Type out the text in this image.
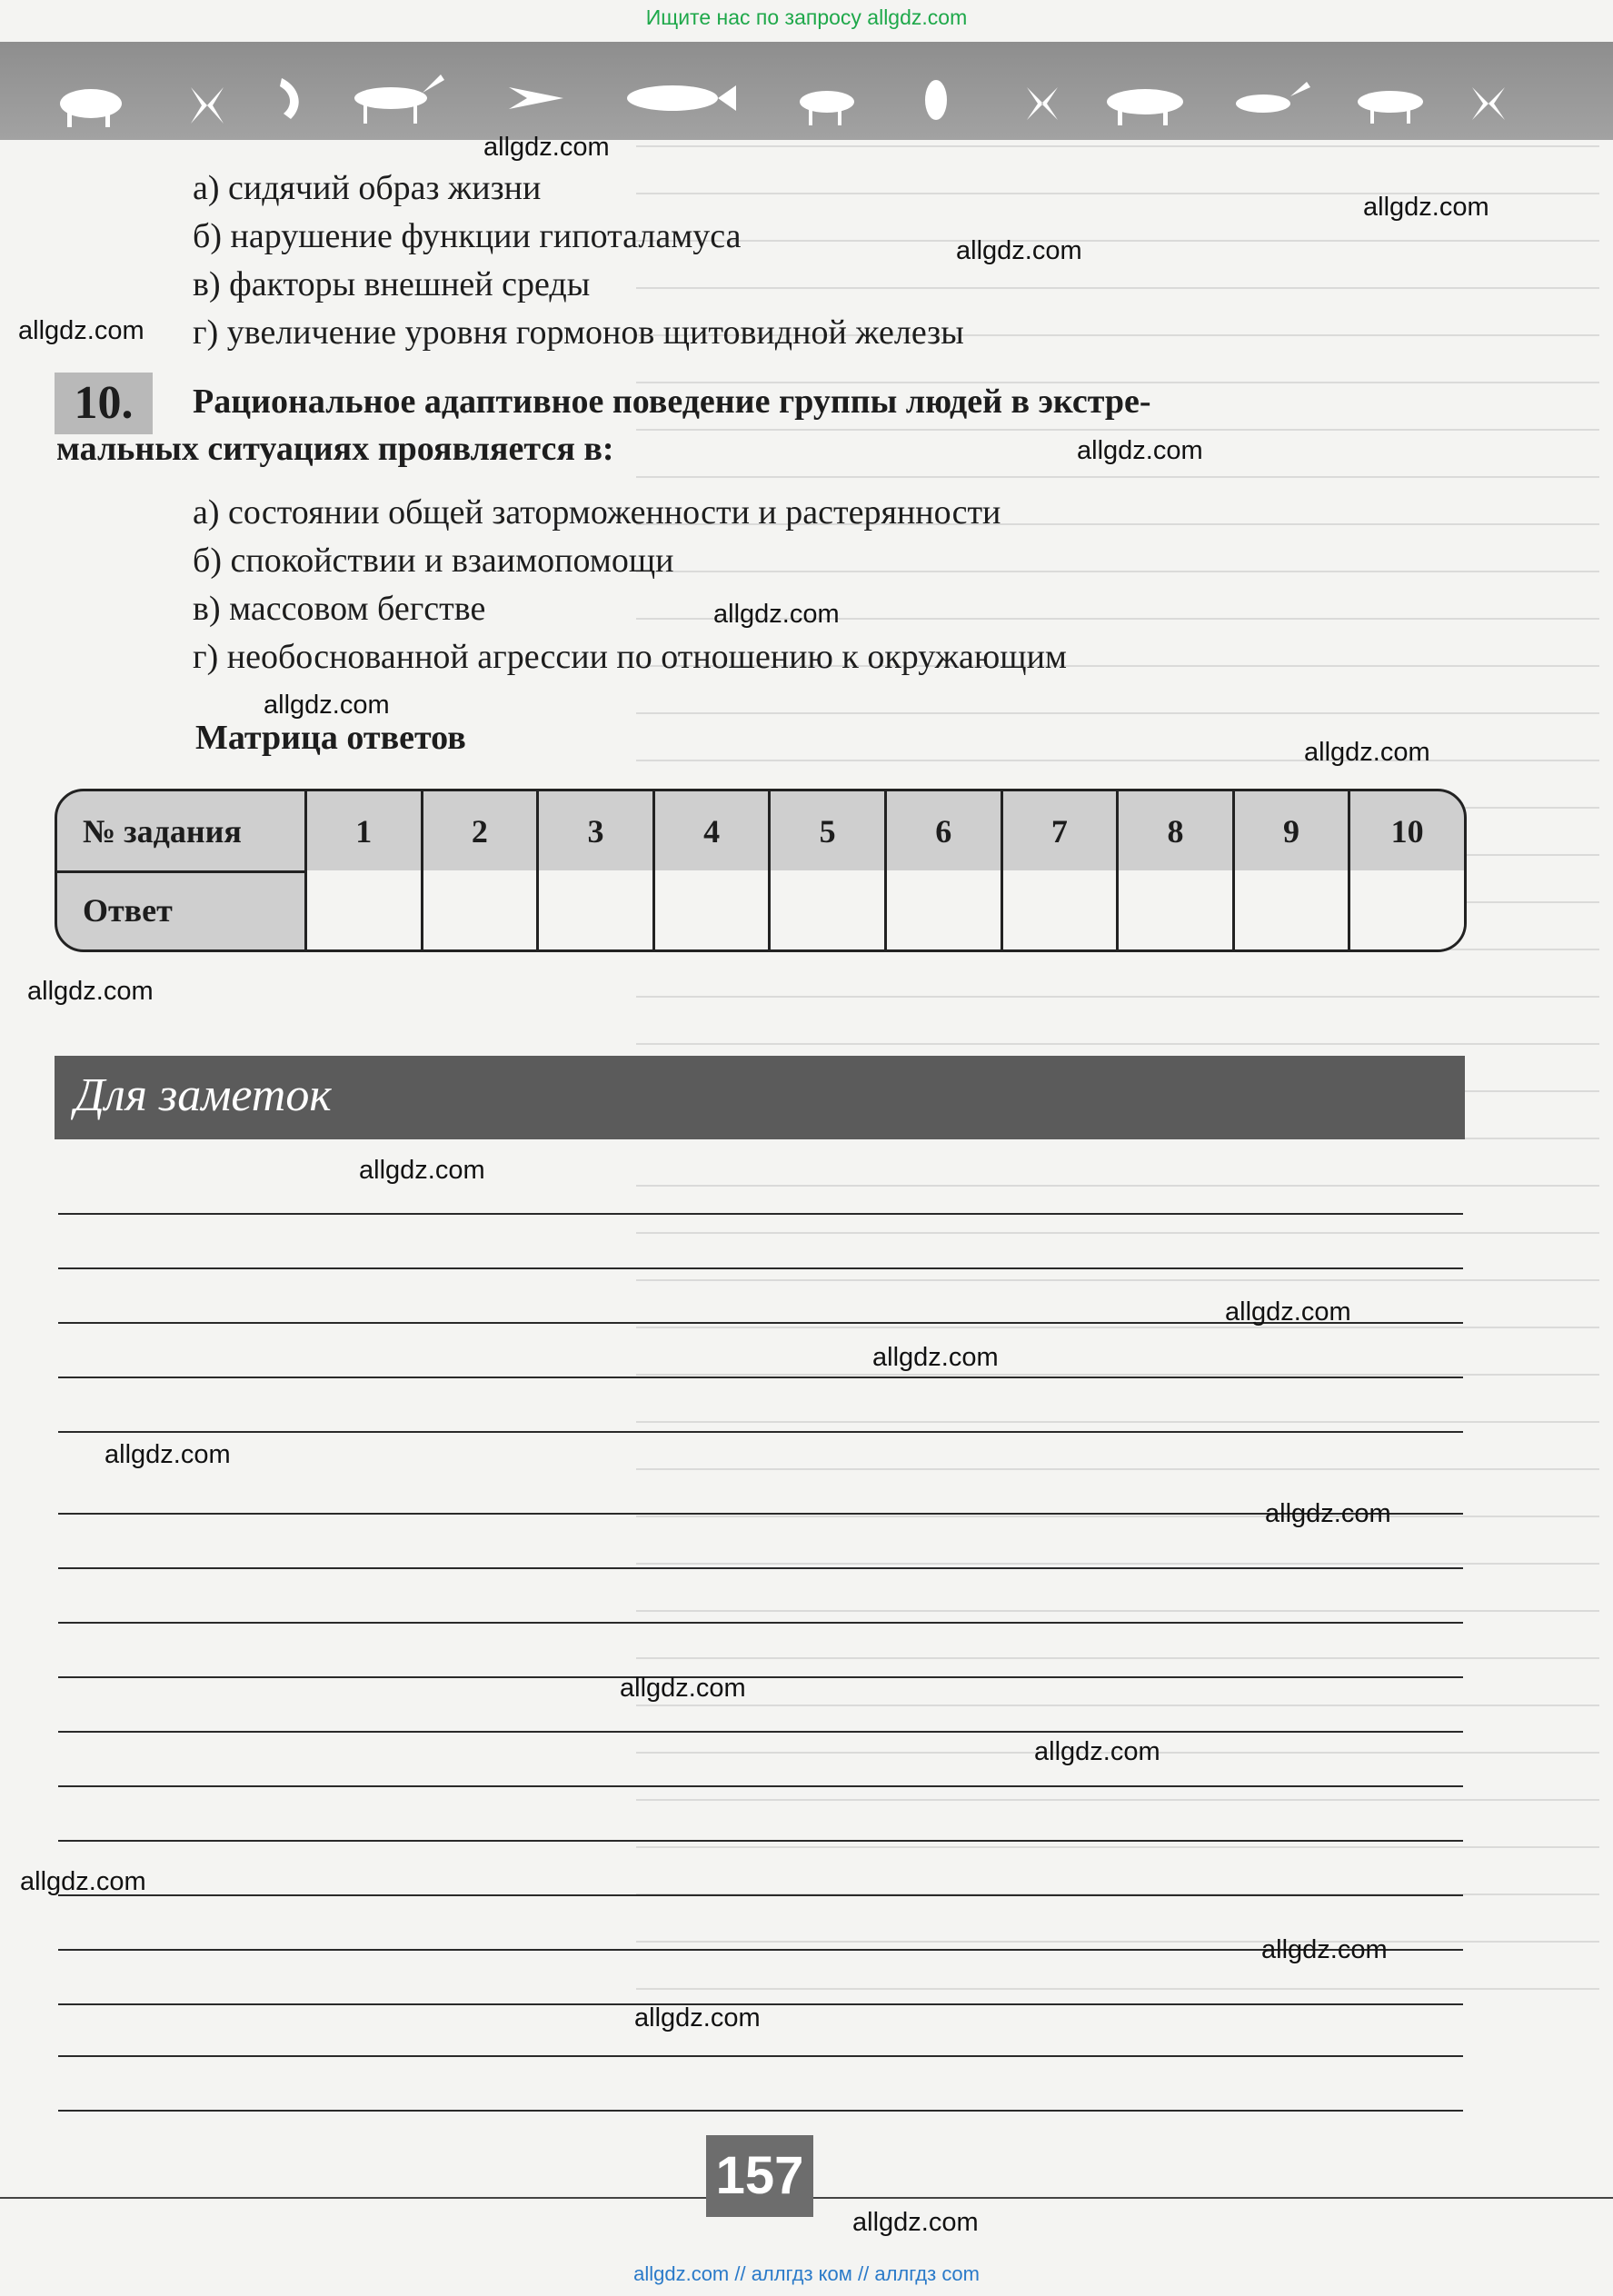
Ищите нас по запросу allgdz.com
а) сидячий образ жизни
б) нарушение функции гипоталамуса
в) факторы внешней среды
г) увеличение уровня гормонов щитовидной железы
10.	Рациональное адаптивное поведение группы людей в экстре-
мальных ситуациях проявляется в:
а) состоянии общей заторможенности и растерянности
б) спокойствии и взаимопомощи
в) массовом бегстве
г) необоснованной агрессии по отношению к окружающим
Матрица ответов
№ задания	1	2	3	4	5	6	7	8	9	10
Ответ
Для заметок
157
allgdz.com
allgdz.com
allgdz.com
allgdz.com
allgdz.com
allgdz.com
allgdz.com
allgdz.com
allgdz.com
allgdz.com
allgdz.com
allgdz.com
allgdz.com
allgdz.com
allgdz.com
allgdz.com
allgdz.com
allgdz.com
allgdz.com
allgdz.com
allgdz.com // аллгдз ком // аллгдз com
